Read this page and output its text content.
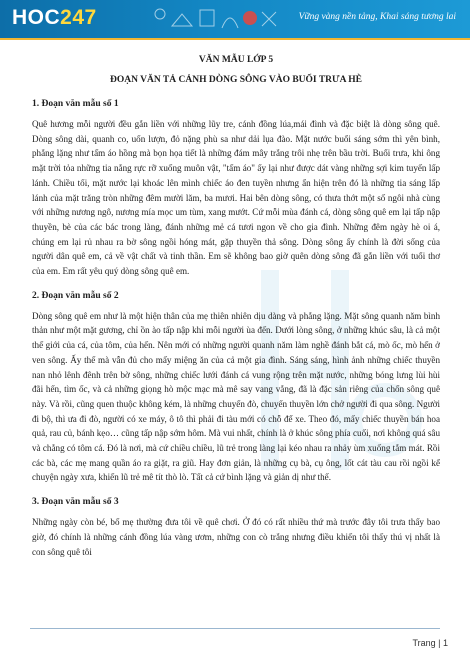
HOC247	Vững vàng nền tảng, Khai sáng tương lai
VĂN MẪU LỚP 5
ĐOẠN VĂN TẢ CẢNH DÒNG SÔNG VÀO BUỔI TRƯA HÈ
1. Đoạn văn mẫu số 1

Quê hương mỗi người đều gắn liền với những lũy tre, cánh đồng lúa,mái đình và đặc biệt là dòng sông quê. Dòng sông dài, quanh co, uốn lượn, đỏ nặng phù sa như dải lụa đào. Mặt nước buổi sáng sớm thì yên bình, phẳng lặng như tấm áo hồng mà bọn họa tiết là những đám mây trắng trôi nhẹ trên bầu trời. Buổi trưa, khi ông mặt trời tỏa những tia nắng rực rỡ xuống muôn vật, "tấm áo" ấy lại như được dát vàng những sợi kim tuyến lấp lánh. Chiều tối, mặt nước lại khoác lên mình chiếc áo đen tuyền nhưng ẩn hiện trên đó là những tia sáng lấp lánh của mặt trăng tròn những đêm mười lăm, ba mươi. Hai bên dòng sông, có thưa thớt một số ngôi nhà cùng với những nương ngô, nương mía mọc um tùm, xang mướt. Cứ mỗi mùa đánh cá, dòng sông quê em lại tấp nập thuyền, bè của các bác trong làng, đánh những mẻ cá tươi ngon về cho gia đình. Những đêm ngày hè oi á, chúng em lại rủ nhau ra bờ sông ngồi hóng mát, gặp thuyền thả sông. Dòng sông ấy chính là đời sống của người dân quê em, cả về vật chất và tinh thần. Em sẽ không bao giờ quên dòng sông đã gắn liền với tuổi thơ của em. Em rất yêu quý dòng sông quê em.

2. Đoạn văn mẫu số 2

Dòng sông quê em như là một hiện thân của mẹ thiên nhiên dịu dàng và phẳng lặng. Mặt sông quanh năm bình thản như một mặt gương, chỉ ồn ào tấp nập khi mỗi người ùa đến. Dưới lòng sông, ở những khúc sâu, là cả một thế giới của cá, của tôm, của hến. Nên mới có những người quanh năm làm nghề đánh bắt cá, mò ốc, mò hến ở ven sông. Ấy thế mà vẫn đủ cho mấy miệng ăn của cả một gia đình. Sáng sáng, hình ảnh những chiếc thuyền nan nhỏ lênh đênh trên bờ sông, những chiếc lưới đánh cá vung rộng trên mặt nước, những bóng lưng lùi hùi đãi hến, tìm ốc, và cả những giọng hò mộc mạc mà mê say vang vẳng, đã là đặc sản riêng của chốn sông quê này. Và rồi, cũng quen thuộc không kém, là những chuyến đò, chuyến thuyền lớn chở người đi qua sông. Người đi bộ, thì ưa đi đò, người có xe máy, ô tô thì phải đi tàu mới có chỗ để xe. Theo đó, mấy chiếc thuyền bán hoa quả, rau củ, bánh kẹo… cũng tấp nập sớm hôm. Mà vui nhất, chính là ở khúc sông phía cuối, nơi không quá sâu và chẳng có tôm cá. Đó là nơi, mà cứ chiều chiều, lũ trẻ trong làng lại kéo nhau ra nhảy ùm xuống tắm mát. Rồi các bà, các mẹ mang quần áo ra giặt, ra giũ. Hay đơn giản, là những cụ bà, cụ ông, lốt cát tàu cau rồi ngồi kể chuyện ngày xưa, khiến lũ trẻ mê tít thò lò. Tất cả cứ bình lặng và giản dị như thế.

3. Đoạn văn mẫu số 3

Những ngày còn bé, bố mẹ thường đưa tôi về quê chơi. Ở đó có rất nhiều thứ mà trước đây tôi trưa thấy bao giờ, đó chính là những cánh đồng lúa vàng ươm, những con cò trắng nhưng điều khiến tôi thấy thú vị nhất là con sông quê tôi

Trang | 1
